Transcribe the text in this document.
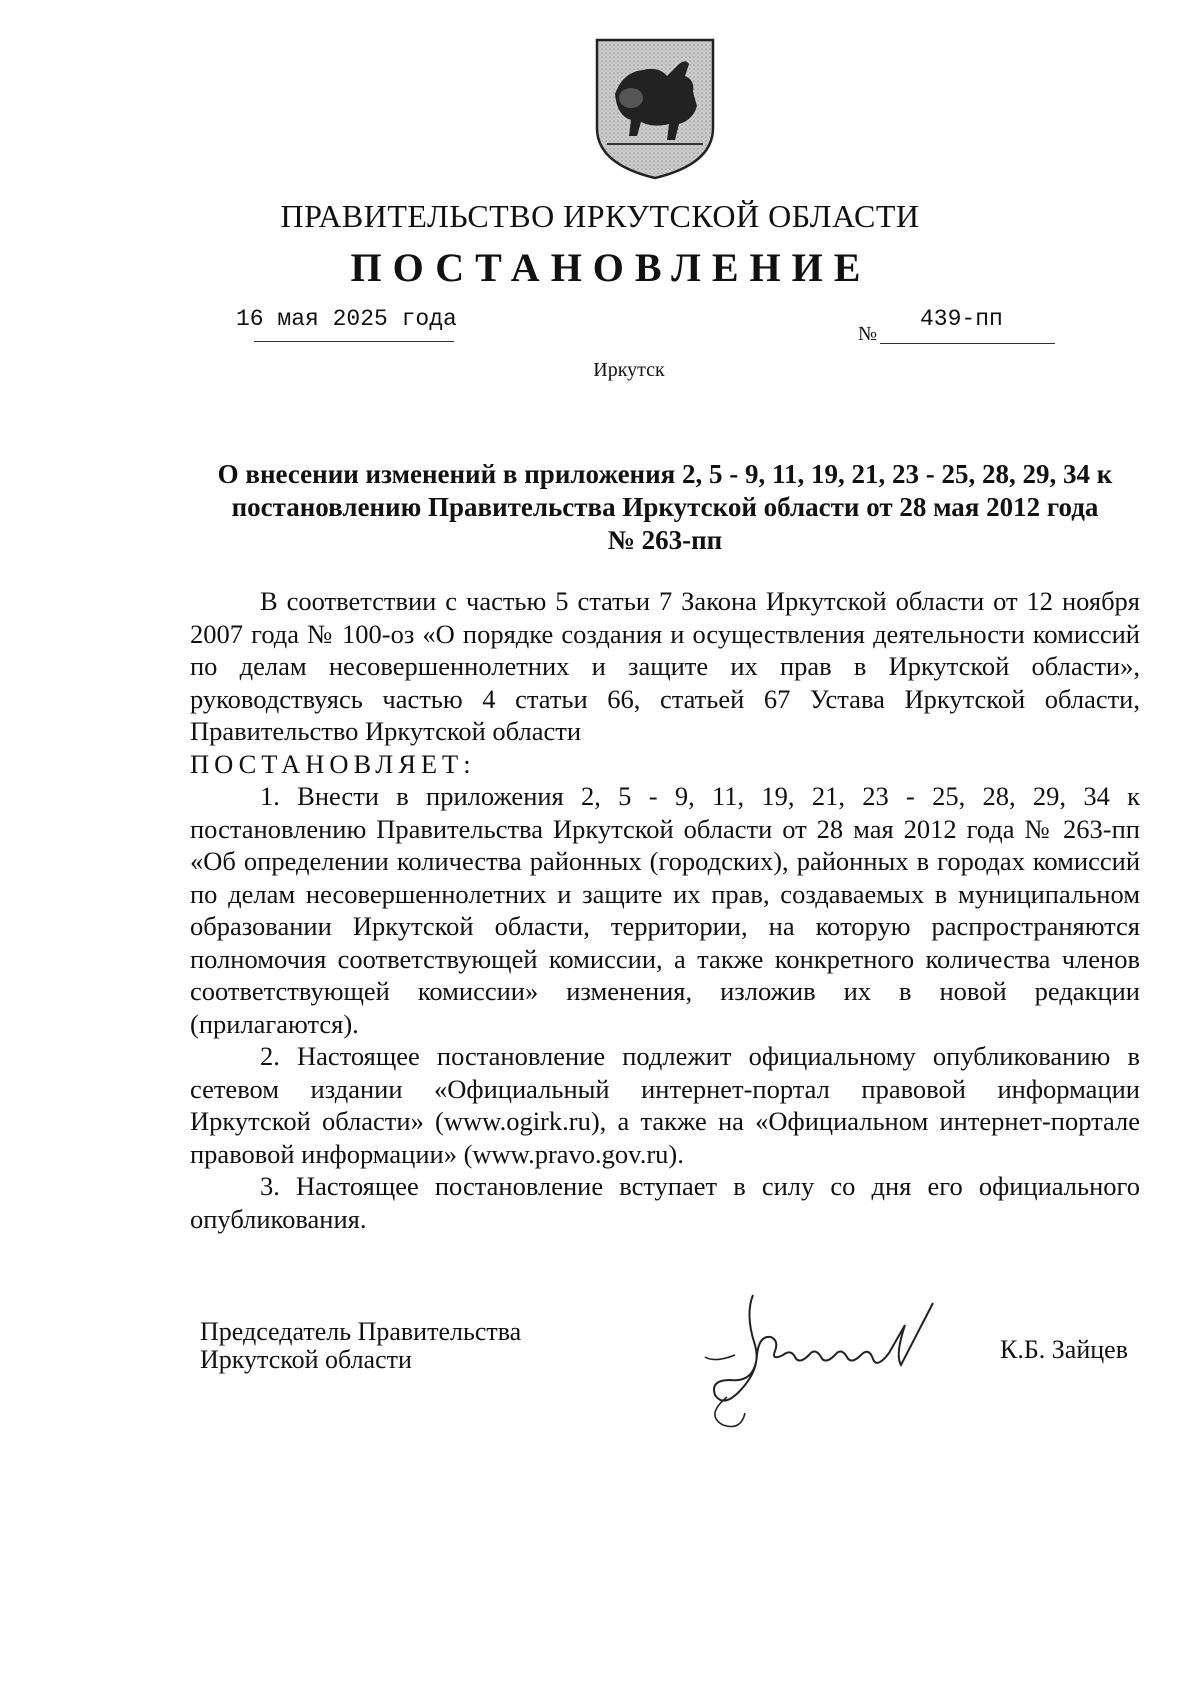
ПРАВИТЕЛЬСТВО ИРКУТСКОЙ ОБЛАСТИ
ПОСТАНОВЛЕНИЕ
16 мая 2025 года
№
439-пп
Иркутск
О внесении изменений в приложения 2, 5 - 9, 11, 19, 21, 23 - 25, 28, 29, 34 к
постановлению Правительства Иркутской области от 28 мая 2012 года
№ 263-пп

В соответствии с частью 5 статьи 7 Закона Иркутской области от 12 ноября 2007 года № 100-оз «О порядке создания и осуществления деятельности комиссий по делам несовершеннолетних и защите их прав в Иркутской области», руководствуясь частью 4 статьи 66, статьей 67 Устава Иркутской области, Правительство Иркутской области

ПОСТАНОВЛЯЕТ:

1. Внести в приложения 2, 5 - 9, 11, 19, 21, 23 - 25, 28, 29, 34 к постановлению Правительства Иркутской области от 28 мая 2012 года № 263-пп «Об определении количества районных (городских), районных в городах комиссий по делам несовершеннолетних и защите их прав, создаваемых в муниципальном образовании Иркутской области, территории, на которую распространяются полномочия соответствующей комиссии, а также конкретного количества членов соответствующей комиссии» изменения, изложив их в новой редакции (прилагаются).

2. Настоящее постановление подлежит официальному опубликованию в сетевом издании «Официальный интернет-портал правовой информации Иркутской области» (www.ogirk.ru), а также на «Официальном интернет-портале правовой информации» (www.pravo.gov.ru).

3. Настоящее постановление вступает в силу со дня его официального опубликования.

Председатель Правительства
Иркутской области	К.Б. Зайцев
